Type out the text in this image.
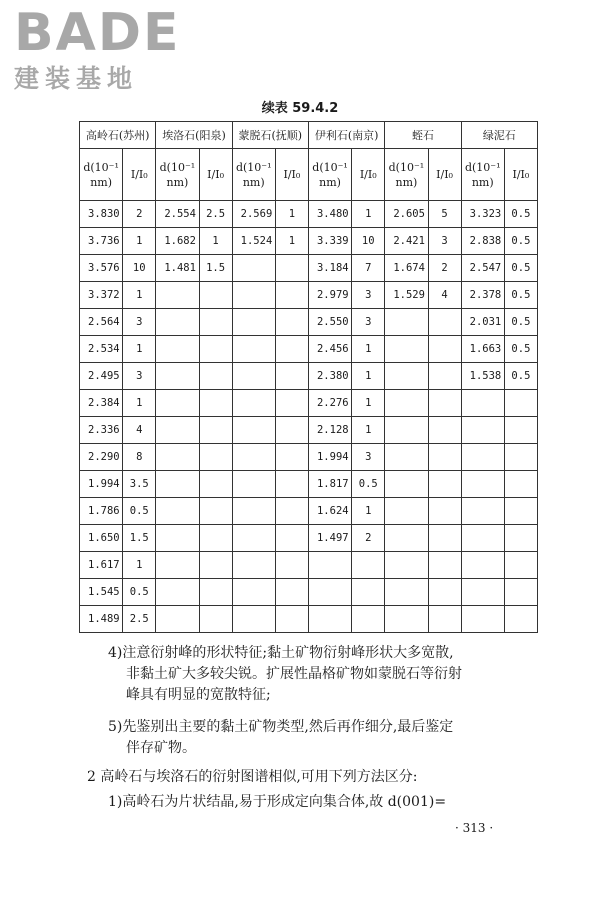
BADE
建装基地
续表 59.4.2
高岭石(苏州)		埃洛石(阳泉)		蒙脱石(抚顺)		伊利石(南京)		蛭石		绿泥石	
d(10⁻¹ nm)	I/I₀	d(10⁻¹ nm)	I/I₀	d(10⁻¹ nm)	I/I₀	d(10⁻¹ nm)	I/I₀	d(10⁻¹ nm)	I/I₀	d(10⁻¹ nm)	I/I₀
3.830	2	2.554	2.5	2.569	1	3.480	1	2.605	5	3.323	0.5
3.736	1	1.682	1	1.524	1	3.339	10	2.421	3	2.838	0.5
3.576	10	1.481	1.5			3.184	7	1.674	2	2.547	0.5
3.372	1					2.979	3	1.529	4	2.378	0.5
2.564	3					2.550	3			2.031	0.5
2.534	1					2.456	1			1.663	0.5
2.495	3					2.380	1			1.538	0.5
2.384	1					2.276	1				
2.336	4					2.128	1				
2.290	8					1.994	3				
1.994	3.5					1.817	0.5				
1.786	0.5					1.624	1				
1.650	1.5					1.497	2				
1.617	1										
1.545	0.5										
1.489	2.5										
4)注意衍射峰的形状特征;黏土矿物衍射峰形状大多宽散,
非黏土矿大多较尖锐。扩展性晶格矿物如蒙脱石等衍射
峰具有明显的宽散特征;
5)先鉴别出主要的黏土矿物类型,然后再作细分,最后鉴定
伴存矿物。
2 高岭石与埃洛石的衍射图谱相似,可用下列方法区分:
1)高岭石为片状结晶,易于形成定向集合体,故 d(001)=
· 313 ·
